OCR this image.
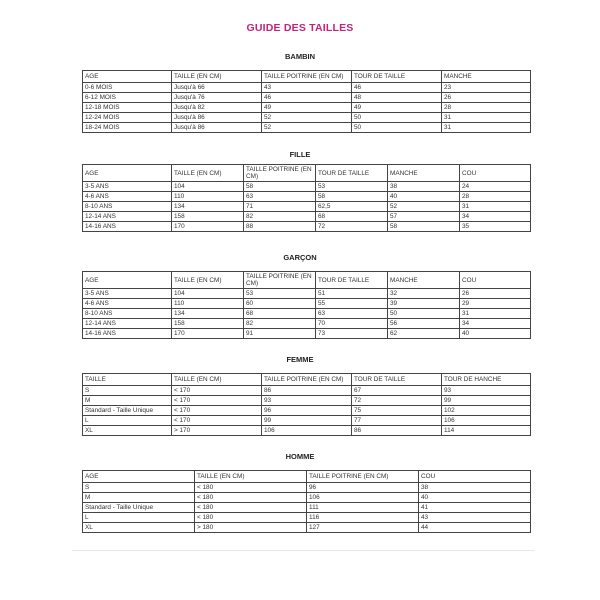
GUIDE DES TAILLES
BAMBIN
AGE	TAILLE (EN CM)	TAILLE POITRINE (EN CM)	TOUR DE TAILLE	MANCHE
0-6 MOIS	Jusqu'à 66	43	46	23
6-12 MOIS	Jusqu'à 76	46	48	26
12-18 MOIS	Jusqu'à 82	49	49	28
12-24 MOIS	Jusqu'à 86	52	50	31
18-24 MOIS	Jusqu'à 86	52	50	31
FILLE
AGE	TAILLE (EN CM)	TAILLE POITRINE (EN CM)	TOUR DE TAILLE	MANCHE	COU
3-5 ANS	104	58	53	38	24
4-6 ANS	110	63	58	40	28
8-10 ANS	134	71	62,5	52	31
12-14 ANS	158	82	68	57	34
14-16 ANS	170	88	72	58	35
GARÇON
AGE	TAILLE (EN CM)	TAILLE POITRINE (EN CM)	TOUR DE TAILLE	MANCHE	COU
3-5 ANS	104	53	51	32	26
4-6 ANS	110	60	55	39	29
8-10 ANS	134	68	63	50	31
12-14 ANS	158	82	70	56	34
14-16 ANS	170	91	73	62	40
FEMME
TAILLE	TAILLE (EN CM)	TAILLE POITRINE (EN CM)	TOUR DE TAILLE	TOUR DE HANCHE
S	< 170	86	67	93
M	< 170	93	72	99
Standard - Taille Unique	< 170	96	75	102
L	< 170	99	77	106
XL	> 170	106	86	114
HOMME
AGE	TAILLE (EN CM)	TAILLE POITRINE (EN CM)	COU
S	< 180	96	38
M	< 180	106	40
Standard - Taille Unique	< 180	111	41
L	< 180	116	43
XL	> 180	127	44
